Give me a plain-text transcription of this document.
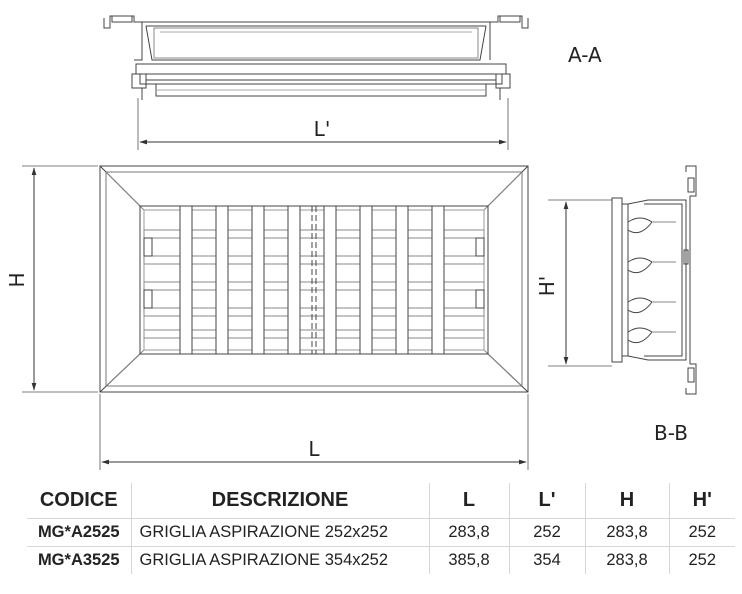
L'
A-A
H
L
H'
B-B
CODICE	DESCRIZIONE	L	L'	H	H'
MG*A2525	GRIGLIA ASPIRAZIONE 252x252	283,8	252	283,8	252
MG*A3525	GRIGLIA ASPIRAZIONE 354x252	385,8	354	283,8	252
